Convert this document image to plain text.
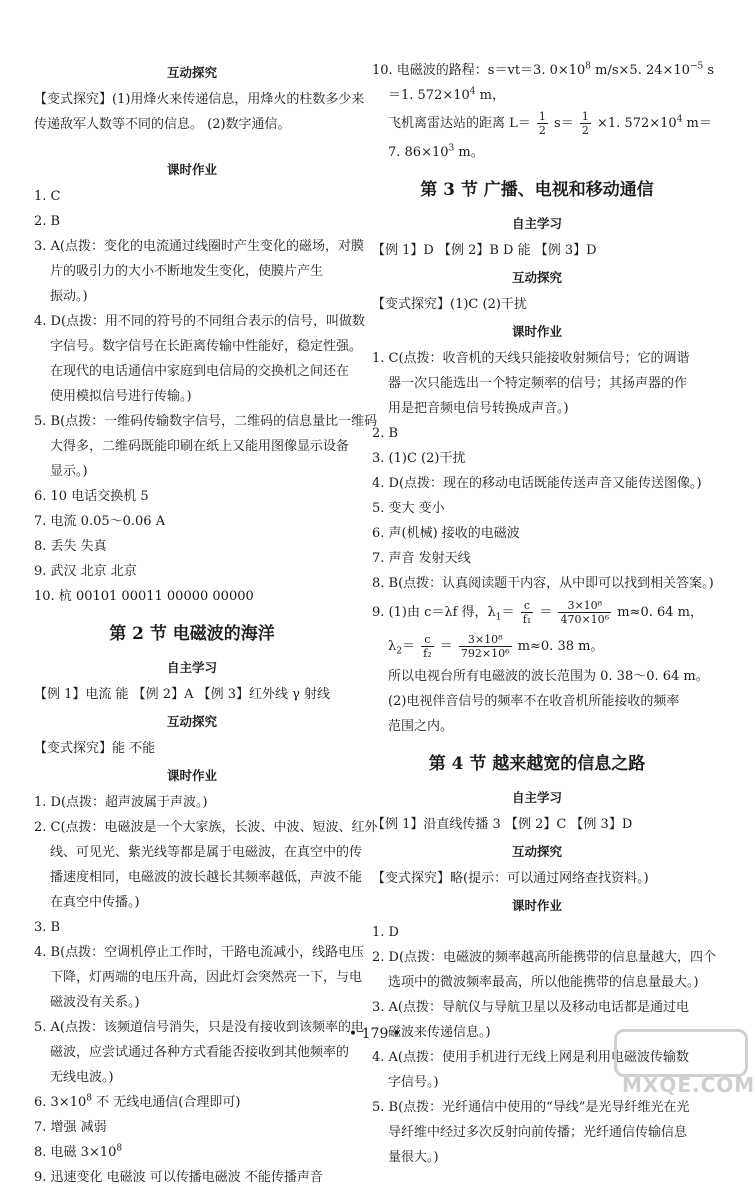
互动探究
【变式探究】(1)用烽火来传递信息，用烽火的柱数多少来
传递敌军人数等不同的信息。 (2)数字通信。
课时作业
1. C
2. B
3. A(点拨：变化的电流通过线圈时产生变化的磁场，对膜
片的吸引力的大小不断地发生变化，使膜片产生
振动。)
4. D(点拨：用不同的符号的不同组合表示的信号，叫做数
字信号。数字信号在长距离传输中性能好，稳定性强。
在现代的电话通信中家庭到电信局的交换机之间还在
使用模拟信号进行传输。)
5. B(点拨：一维码传输数字信号，二维码的信息量比一维码
大得多，二维码既能印刷在纸上又能用图像显示设备
显示。)
6. 10 电话交换机 5
7. 电流 0.05～0.06 A
8. 丢失 失真
9. 武汉 北京 北京
10. 杭 00101 00011 00000 00000
第 2 节 电磁波的海洋
自主学习
【例 1】电流 能 【例 2】A 【例 3】红外线 γ 射线
互动探究
【变式探究】能 不能
课时作业
1. D(点拨：超声波属于声波。)
2. C(点拨：电磁波是一个大家族，长波、中波、短波、红外
线、可见光、紫光线等都是属于电磁波，在真空中的传
播速度相同，电磁波的波长越长其频率越低，声波不能
在真空中传播。)
3. B
4. B(点拨：空调机停止工作时，干路电流减小，线路电压
下降，灯两端的电压升高，因此灯会突然亮一下，与电
磁波没有关系。)
5. A(点拨：该频道信号消失，只是没有接收到该频率的电
磁波，应尝试通过各种方式看能否接收到其他频率的
无线电波。)
6. $3\times 10^8$ 不 无线电通信(合理即可)
7. 增强 减弱
8. 电磁 $3\times 10^8$
9. 迅速变化 电磁波 可以传播电磁波 不能传播声音
10. 电磁波的路程：s＝vt＝3. $0\times 10^8$ m/s×5. $24\times 10^{-5}$ s
＝1. $572\times 10^4$ m，
飞机离雷达站的距离 $L= \frac{1}{2} s= \frac{1}{2} \times 1$. $572\times 10^4$ m＝
7. $86\times 10^3$ m。
第 3 节 广播、电视和移动通信
自主学习
【例 1】D 【例 2】B D 能 【例 3】D
互动探究
【变式探究】(1)C (2)干扰
课时作业
1. C(点拨：收音机的天线只能接收射频信号；它的调谐
器一次只能选出一个特定频率的信号；其扬声器的作
用是把音频电信号转换成声音。)
2. B
3. (1)C (2)干扰
4. D(点拨：现在的移动电话既能传送声音又能传送图像。)
5. 变大 变小
6. 声(机械) 接收的电磁波
7. 声音 发射天线
8. B(点拨：认真阅读题干内容，从中即可以找到相关答案。)
9. (1)由 c＝λf 得，$\lambda_1= \frac{c}{\text{f₁}} = \frac{\text{3×10⁸}}{\text{470×10⁶}} m\approx 0$. 64 m，
$\lambda_2= \frac{c}{\text{f₂}} = \frac{\text{3×10⁸}}{\text{792×10⁶}} m\approx 0$. 38 m。
所以电视台所有电磁波的波长范围为 0. 38～0. 64 m。
(2)电视伴音信号的频率不在收音机所能接收的频率
范围之内。
第 4 节 越来越宽的信息之路
自主学习
【例 1】沿直线传播 3 【例 2】C 【例 3】D
互动探究
【变式探究】略(提示：可以通过网络查找资料。)
课时作业
1. D
2. D(点拨：电磁波的频率越高所能携带的信息量越大，四个
选项中的微波频率最高，所以他能携带的信息量最大。)
3. A(点拨：导航仪与导航卫星以及移动电话都是通过电
磁波来传递信息。)
4. A(点拨：使用手机进行无线上网是利用电磁波传输数
字信号。)
5. B(点拨：光纤通信中使用的“导线”是光导纤维光在光
导纤维中经过多次反射向前传播；光纤通信传输信息
量很大。)
• 179 •
MXQE.COM
